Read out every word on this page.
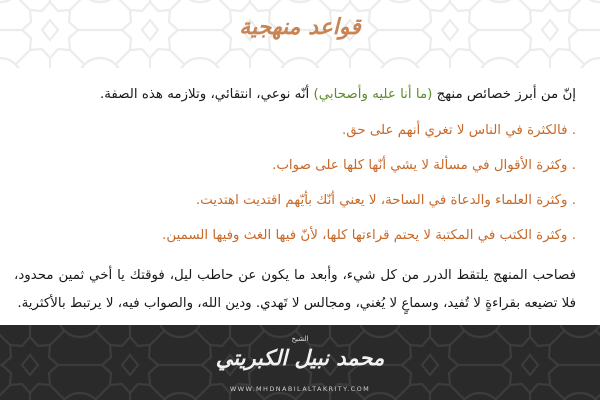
قواعد منهجية
إنّ من أبرز خصائص منهج (ما أنا عليه وأصحابي) أنّه نوعي، انتقائي، وتلازمه هذه الصفة.
. فالكثرة في الناس لا تغري أنهم على حق.
. وكثرة الأقوال في مسألة لا يشي أنّها كلها على صواب.
. وكثرة العلماء والدعاة في الساحة، لا يعني أنّك بأيّهم اقتديت اهتديت.
. وكثرة الكتب في المكتبة لا يحتم قراءتها كلها، لأنّ فيها الغث وفيها السمين.
فصاحب المنهج يلتقط الدرر من كل شيء، وأبعد ما يكون عن حاطب ليل، فوقتك يا أخي ثمين محدود، فلا تضيعه بقراءةٍ لا تُفيد، وسماعٍ لا يُغني، ومجالس لا تَهدي. ودين الله، والصواب فيه، لا يرتبط بالأكثرية.
الشيخ
محمد نبيل الكبريتي
WWW.MHDNABILALTAKRITY.COM
